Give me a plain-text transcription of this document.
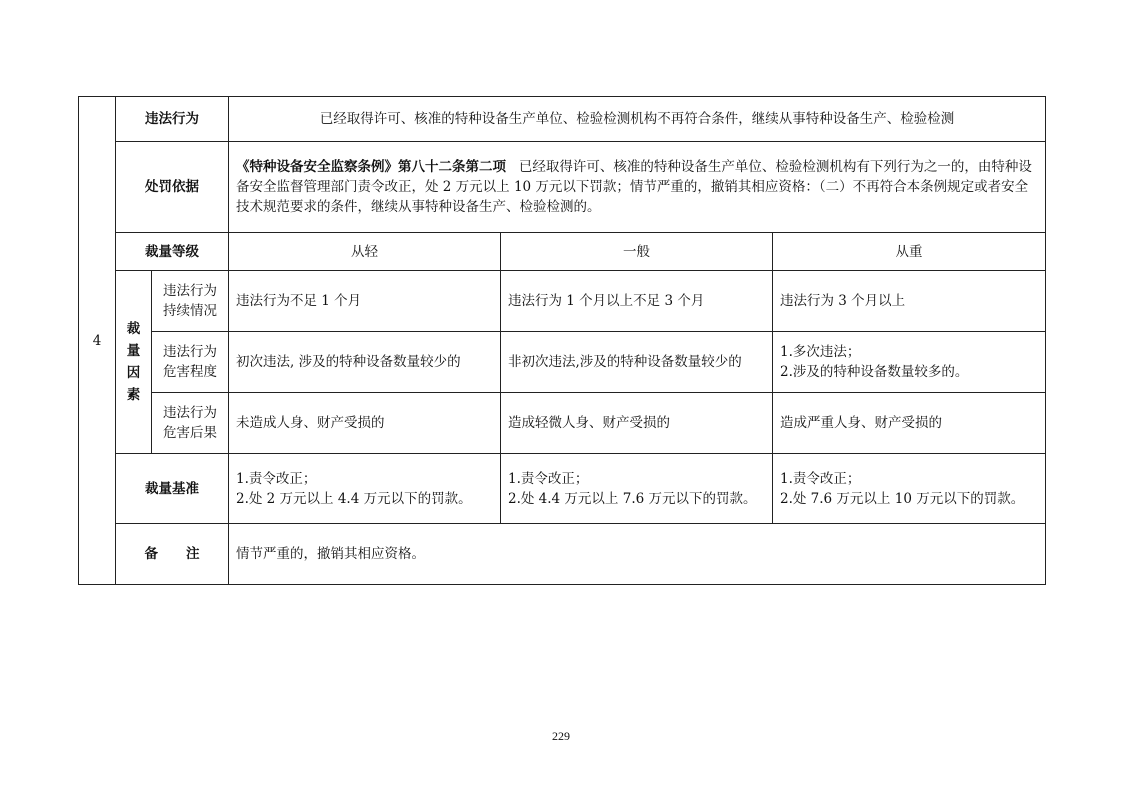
4	违法行为		已经取得许可、核准的特种设备生产单位、检验检测机构不再符合条件，继续从事特种设备生产、检验检测		
	处罚依据		《特种设备安全监察条例》第八十二条第二项 已经取得许可、核准的特种设备生产单位、检验检测机构有下列行为之一的，由特种设备安全监督管理部门责令改正，处 2 万元以上 10 万元以下罚款；情节严重的，撤销其相应资格：（二）不再符合本条例规定或者安全技术规范要求的条件，继续从事特种设备生产、检验检测的。		
	裁量等级		从轻	一般	从重

	裁量因素	违法行为持续情况	违法行为不足 1 个月	违法行为 1 个月以上不足 3 个月	违法行为 3 个月以上

		违法行为危害程度	初次违法, 涉及的特种设备数量较少的	非初次违法,涉及的特种设备数量较少的	1.多次违法；
2.涉及的特种设备数量较多的。

		违法行为危害后果	未造成人身、财产受损的	造成轻微人身、财产受损的	造成严重人身、财产受损的
	裁量基准		1.责令改正；
2.处 2 万元以上 4.4 万元以下的罚款。	1.责令改正；
2.处 4.4 万元以上 7.6 万元以下的罚款。	1.责令改正；
2.处 7.6 万元以上 10 万元以下的罚款。

	备 注		情节严重的，撤销其相应资格。		
229
